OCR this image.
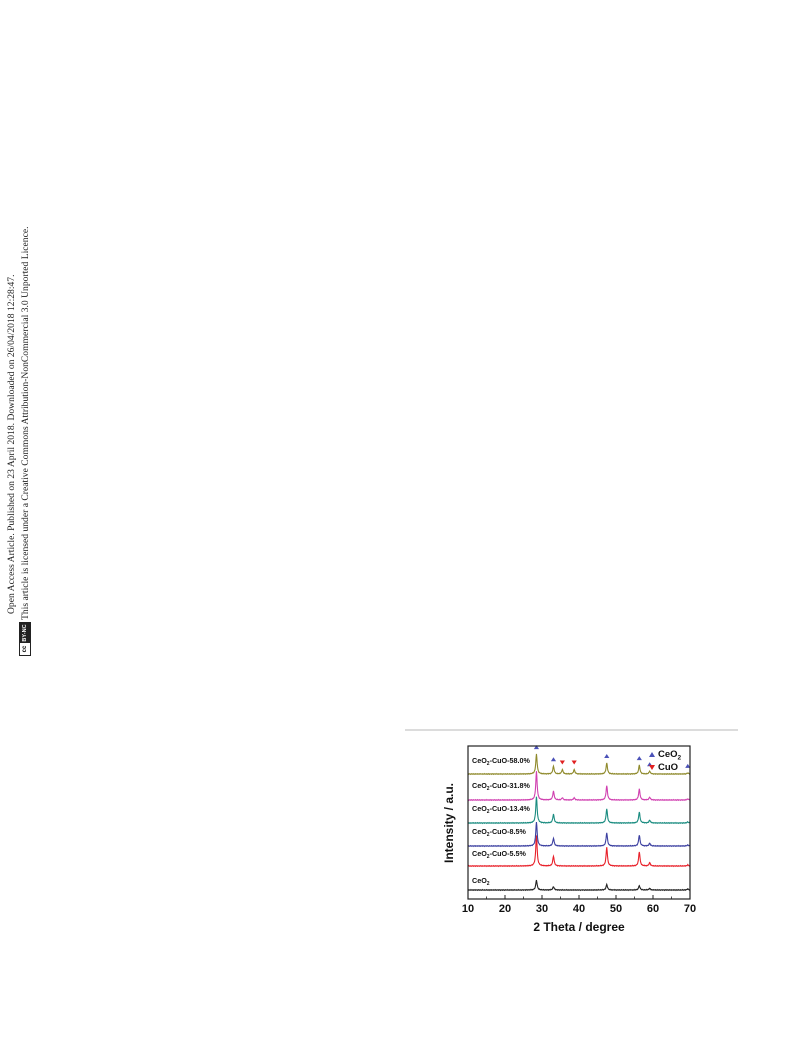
Open Access Article. Published on 23 April 2018. Downloaded on 26/04/2018 12:28:47.
cc
BY-NC
This article is licensed under a Creative Commons Attribution-NonCommercial 3.0 Unported Licence.
CeO$_2$
CeO$_2$-CuO-5.5%
CeO$_2$-CuO-8.5%
CeO$_2$-CuO-13.4%
CeO$_2$-CuO-31.8%
CeO$_2$-CuO-58.0%
CeO$_2$
CuO
10 20 30 40 50 60 70
2 Theta / degree
Intensity / a.u.
